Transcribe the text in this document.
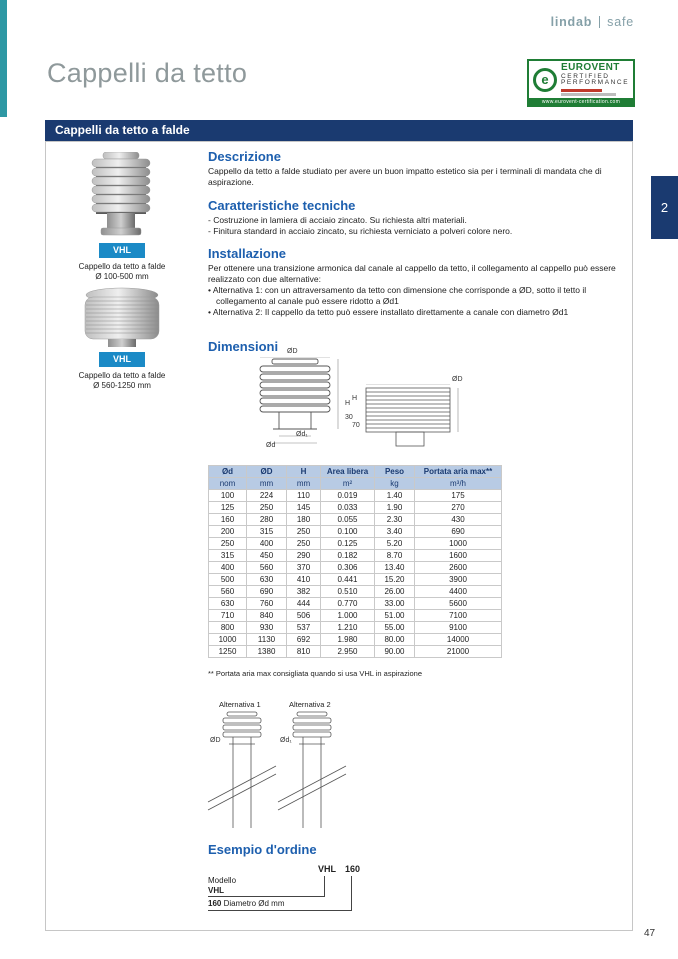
lindab safe
Cappelli da tetto	e
EUROVENT
CERTIFIED
PERFORMANCE
www.eurovent-certification.com
Cappelli da tetto a falde
2
VHL
Cappello da tetto a falde
Ø 100-500 mm
VHL
Cappello da tetto a falde
Ø 560-1250 mm
Descrizione
Cappello da tetto a falde studiato per avere un buon impatto estetico sia per i terminali di mandata che di aspirazione.
Caratteristiche tecniche
- Costruzione in lamiera di acciaio zincato. Su richiesta altri materiali.
- Finitura standard in acciaio zincato, su richiesta verniciato a polveri colore nero.
Installazione
Per ottenere una transizione armonica dal canale al cappello da tetto, il collegamento al cappello può essere realizzato con due alternative:
• Alternativa 1: con un attraversamento da tetto con dimensione che corrisponde a ØD, sotto il tetto il collegamento al canale può essere ridotto a Ød1
• Alternativa 2: Il cappello da tetto può essere installato direttamente a canale con diametro Ød1
Dimensioni ØD
H
70
Ød₁
Ød
ØD
H
30
Ød	ØD	H	Area libera	Peso	Portata aria max**
nom	mm	mm	m²	kg	m³/h
100	224	110	0.019	1.40	175
125	250	145	0.033	1.90	270
160	280	180	0.055	2.30	430
200	315	250	0.100	3.40	690
250	400	250	0.125	5.20	1000
315	450	290	0.182	8.70	1600
400	560	370	0.306	13.40	2600
500	630	410	0.441	15.20	3900
560	690	382	0.510	26.00	4400
630	760	444	0.770	33.00	5600
710	840	506	1.000	51.00	7100
800	930	537	1.210	55.00	9100
1000	1130	692	1.980	80.00	14000
1250	1380	810	2.950	90.00	21000
** Portata aria max consigliata quando si usa VHL in aspirazione
Alternativa 1	Alternativa 2
ØD	Ød₁
Esempio d'ordine
VHL 160
Modello
VHL
160 Diametro Ød mm
47
